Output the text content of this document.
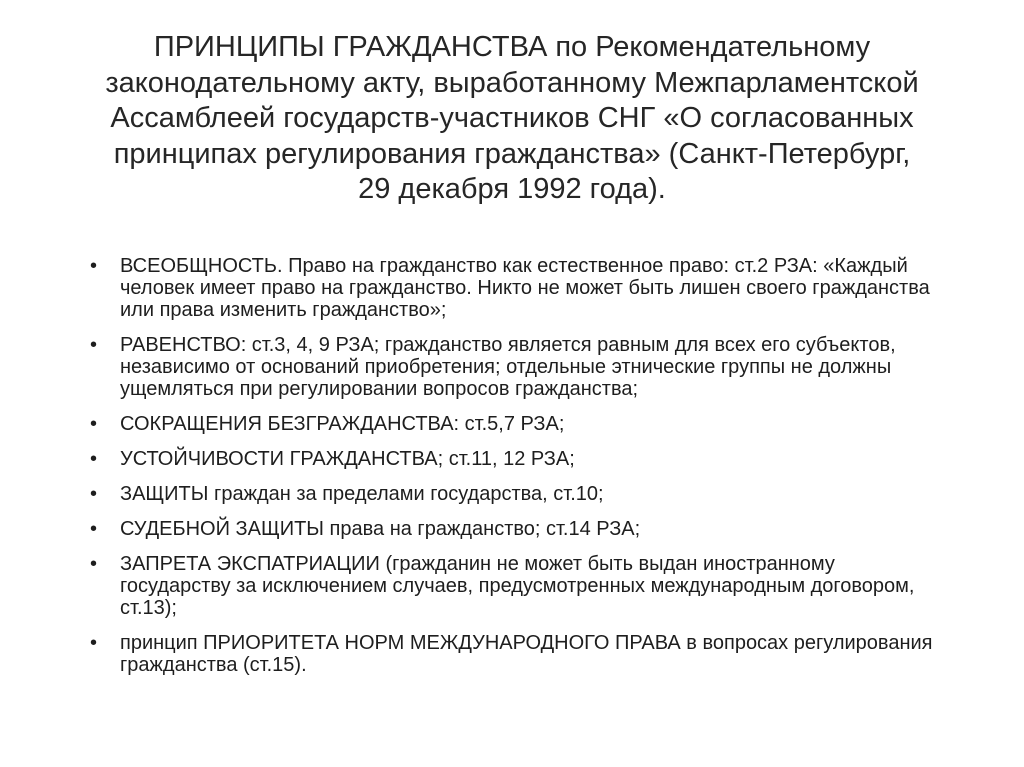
ПРИНЦИПЫ ГРАЖДАНСТВА по Рекомендательному законодательному акту, выработанному Межпарламентской Ассамблеей государств-участников СНГ «О согласованных принципах регулирования гражданства» (Санкт-Петербург, 29 декабря 1992 года).
•	ВСЕОБЩНОСТЬ. Право на гражданство как естественное право: ст.2 РЗА: «Каждый человек имеет право на гражданство. Никто не может быть лишен своего гражданства или права изменить гражданство»;
•	РАВЕНСТВО: ст.3, 4, 9 РЗА; гражданство является равным для всех его субъектов, независимо от оснований приобретения; отдельные этнические группы не должны ущемляться при регулировании вопросов гражданства;
•	СОКРАЩЕНИЯ БЕЗГРАЖДАНСТВА: ст.5,7 РЗА;
•	УСТОЙЧИВОСТИ ГРАЖДАНСТВА; ст.11, 12 РЗА;
•	ЗАЩИТЫ граждан за пределами государства, ст.10;
•	СУДЕБНОЙ ЗАЩИТЫ права на гражданство; ст.14 РЗА;
•	ЗАПРЕТА ЭКСПАТРИАЦИИ (гражданин не может быть выдан иностранному государству за исключением случаев, предусмотренных международным договором, ст.13);
•	принцип ПРИОРИТЕТА НОРМ МЕЖДУНАРОДНОГО ПРАВА в вопросах регулирования гражданства (ст.15).
